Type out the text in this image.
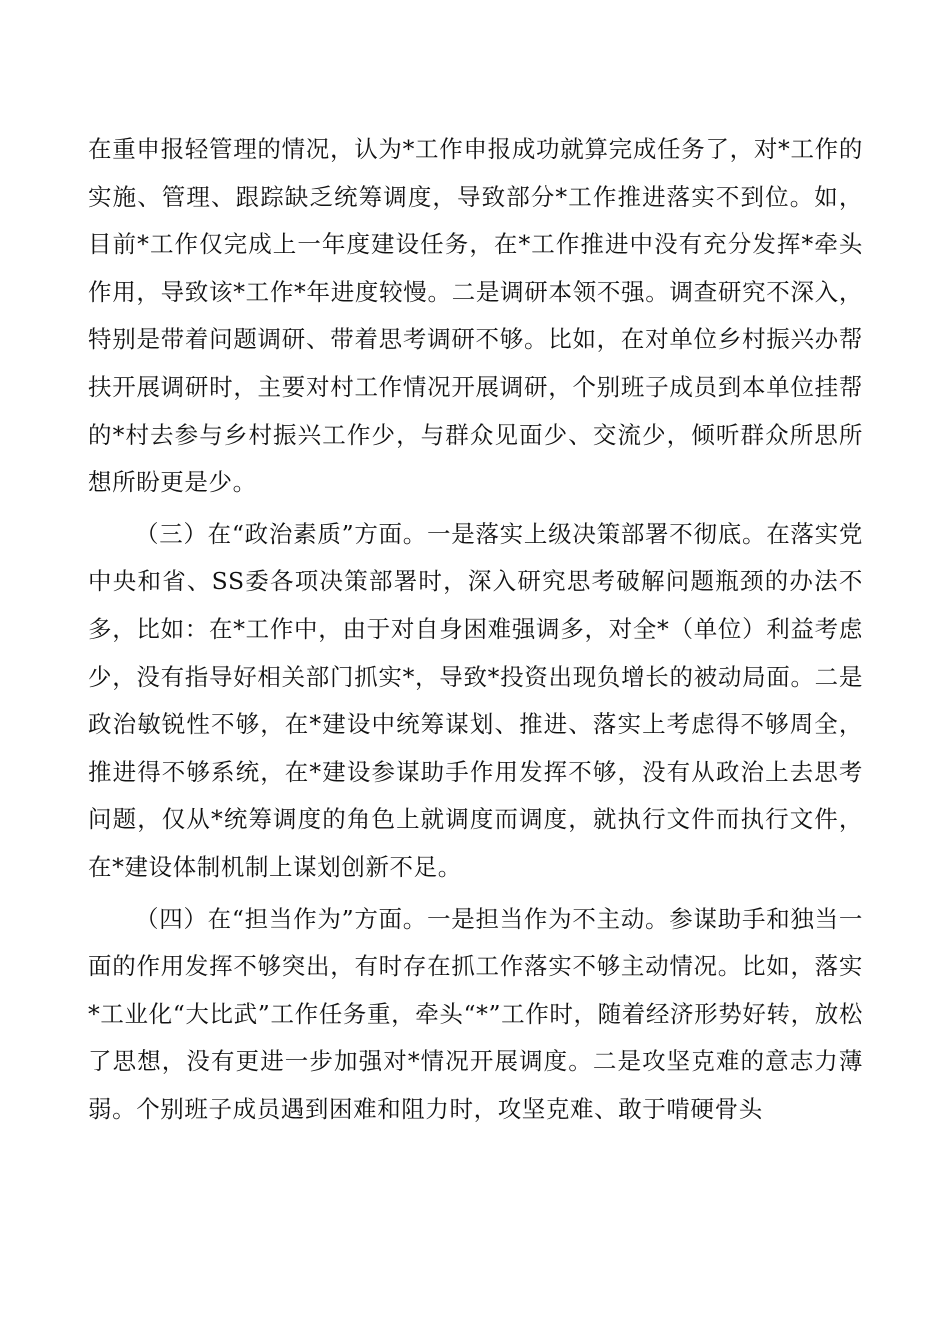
在重申报轻管理的情况，认为*工作申报成功就算完成任务了，对*工作的实施、管理、跟踪缺乏统筹调度，导致部分*工作推进落实不到位。如，目前*工作仅完成上一年度建设任务，在*工作推进中没有充分发挥*牵头作用，导致该*工作*年进度较慢。二是调研本领不强。调查研究不深入，特别是带着问题调研、带着思考调研不够。比如，在对单位乡村振兴办帮扶开展调研时，主要对村工作情况开展调研，个别班子成员到本单位挂帮的*村去参与乡村振兴工作少，与群众见面少、交流少，倾听群众所思所想所盼更是少。

（三）在“政治素质”方面。一是落实上级决策部署不彻底。在落实党中央和省、SS委各项决策部署时，深入研究思考破解问题瓶颈的办法不多，比如：在*工作中，由于对自身困难强调多，对全*（单位）利益考虑少，没有指导好相关部门抓实*，导致*投资出现负增长的被动局面。二是政治敏锐性不够，在*建设中统筹谋划、推进、落实上考虑得不够周全，推进得不够系统，在*建设参谋助手作用发挥不够，没有从政治上去思考问题，仅从*统筹调度的角色上就调度而调度，就执行文件而执行文件，在*建设体制机制上谋划创新不足。

（四）在“担当作为”方面。一是担当作为不主动。参谋助手和独当一面的作用发挥不够突出，有时存在抓工作落实不够主动情况。比如，落实*工业化“大比武”工作任务重，牵头“*”工作时，随着经济形势好转，放松了思想，没有更进一步加强对*情况开展调度。二是攻坚克难的意志力薄弱。个别班子成员遇到困难和阻力时，攻坚克难、敢于啃硬骨头
